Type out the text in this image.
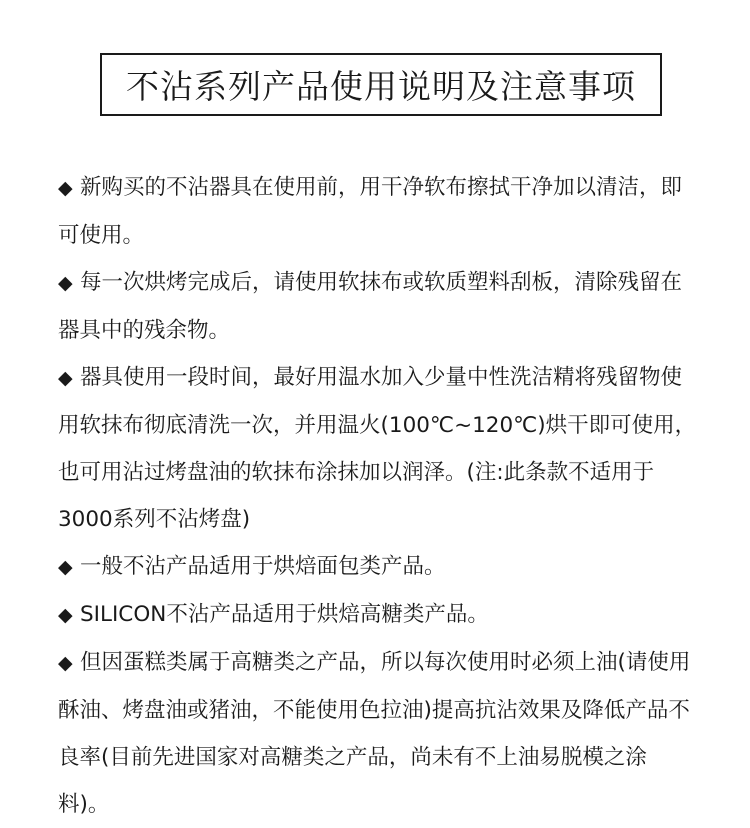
不沾系列产品使用说明及注意事项

◆ 新购买的不沾器具在使用前，用干净软布擦拭干净加以清洁，即可使用。

◆ 每一次烘烤完成后，请使用软抹布或软质塑料刮板，清除残留在器具中的残余物。

◆ 器具使用一段时间，最好用温水加入少量中性洗洁精将残留物使用软抹布彻底清洗一次，并用温火(100℃~120℃)烘干即可使用，也可用沾过烤盘油的软抹布涂抹加以润泽。(注:此条款不适用于3000系列不沾烤盘)

◆ 一般不沾产品适用于烘焙面包类产品。

◆ SILICON不沾产品适用于烘焙高糖类产品。

◆ 但因蛋糕类属于高糖类之产品，所以每次使用时必须上油(请使用酥油、烤盘油或猪油，不能使用色拉油)提高抗沾效果及降低产品不良率(目前先进国家对高糖类之产品，尚未有不上油易脱模之涂料)。
